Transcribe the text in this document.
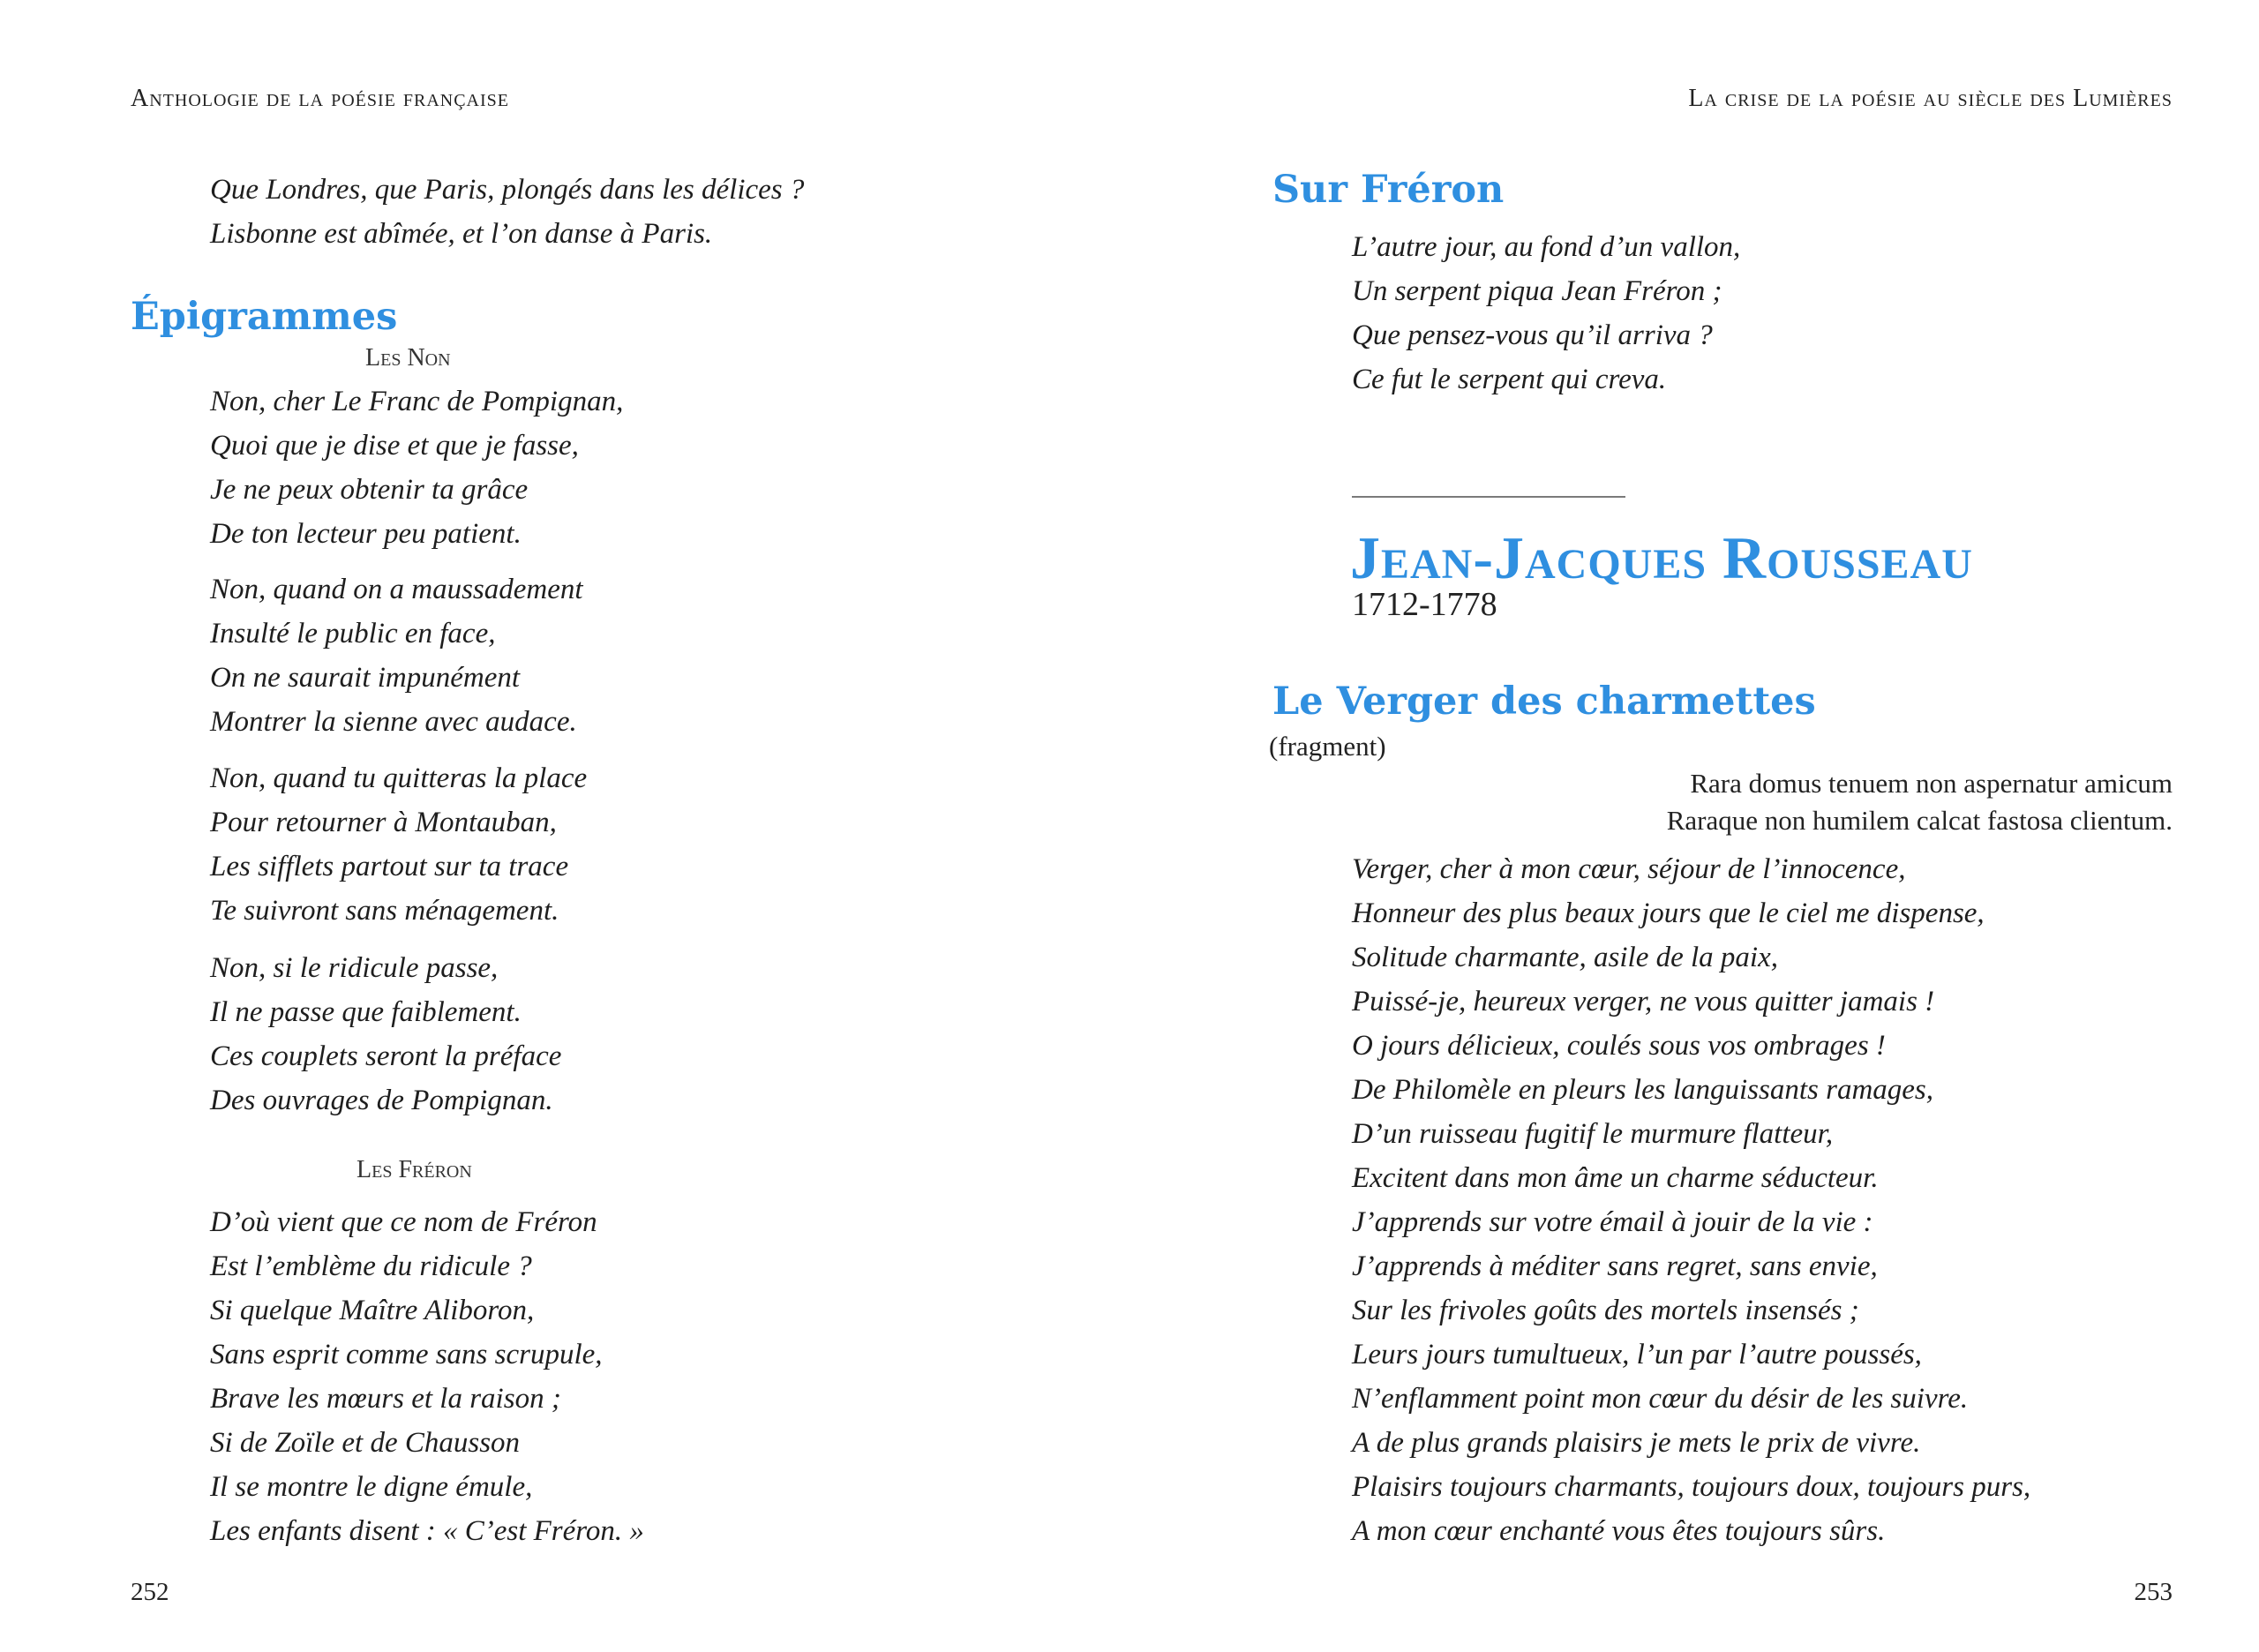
Anthologie de la poésie française
Que Londres, que Paris, plongés dans les délices ?
Lisbonne est abîmée, et l’on danse à Paris.
Épigrammes
Les Non
Non, cher Le Franc de Pompignan,
Quoi que je dise et que je fasse,
Je ne peux obtenir ta grâce
De ton lecteur peu patient.
Non, quand on a maussadement
Insulté le public en face,
On ne saurait impunément
Montrer la sienne avec audace.
Non, quand tu quitteras la place
Pour retourner à Montauban,
Les sifflets partout sur ta trace
Te suivront sans ménagement.
Non, si le ridicule passe,
Il ne passe que faiblement.
Ces couplets seront la préface
Des ouvrages de Pompignan.
Les Fréron
D’où vient que ce nom de Fréron
Est l’emblème du ridicule ?
Si quelque Maître Aliboron,
Sans esprit comme sans scrupule,
Brave les mœurs et la raison ;
Si de Zoïle et de Chausson
Il se montre le digne émule,
Les enfants disent : « C’est Fréron. »
252
La crise de la poésie au siècle des Lumières
Sur Fréron
L’autre jour, au fond d’un vallon,
Un serpent piqua Jean Fréron ;
Que pensez-vous qu’il arriva ?
Ce fut le serpent qui creva.
Jean-Jacques Rousseau
1712-1778
Le Verger des charmettes
(fragment)
Rara domus tenuem non aspernatur amicum
Raraque non humilem calcat fastosa clientum.
Verger, cher à mon cœur, séjour de l’innocence,
Honneur des plus beaux jours que le ciel me dispense,
Solitude charmante, asile de la paix,
Puissé-je, heureux verger, ne vous quitter jamais !
O jours délicieux, coulés sous vos ombrages !
De Philomèle en pleurs les languissants ramages,
D’un ruisseau fugitif le murmure flatteur,
Excitent dans mon âme un charme séducteur.
J’apprends sur votre émail à jouir de la vie :
J’apprends à méditer sans regret, sans envie,
Sur les frivoles goûts des mortels insensés ;
Leurs jours tumultueux, l’un par l’autre poussés,
N’enflamment point mon cœur du désir de les suivre.
A de plus grands plaisirs je mets le prix de vivre.
Plaisirs toujours charmants, toujours doux, toujours purs,
A mon cœur enchanté vous êtes toujours sûrs.
253
